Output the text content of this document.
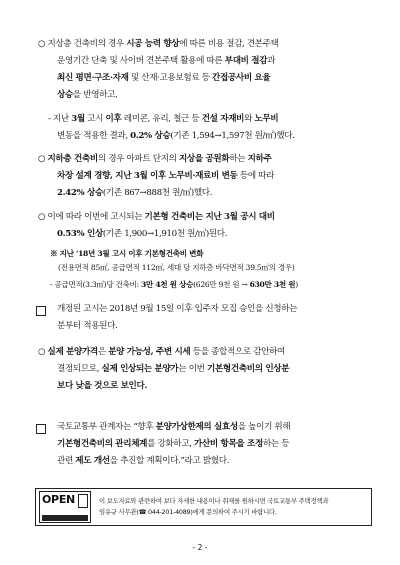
○ 지상층 건축비의 경우 시공 능력 향상에 따른 비용 절감, 견본주택
운영기간 단축 및 사이버 견본주택 활용에 따른 부대비 절감과
최신 평면·구조·자재 및 산재·고용보험료 등 간접공사비 요율
상승을 반영하고,
- 지난 3월 고시 이후 레미콘, 유리, 철근 등 건설 자재비와 노무비
변동을 적용한 결과, 0.2% 상승(기존 1,594→1,597천 원/㎡)했다.
○ 지하층 건축비의 경우 아파트 단지의 지상을 공원화하는 지하주
차장 설계 경향, 지난 3월 이후 노무비·재료비 변동 등에 따라
2.42% 상승(기존 867→888천 원/㎡)했다.
○ 이에 따라 이번에 고시되는 기본형 건축비는 지난 3월 공시 대비
0.53% 인상(기존 1,900→1,910천 원/㎡)된다.
※ 지난 '18년 3월 고시 이후 기본형건축비 변화
(전용면적 85㎡, 공급면적 112㎡, 세대 당 지하층 바닥면적 39.5㎡의 경우)
- 공급면적(3.3㎡)당 건축비: 3만 4천 원 상승(626만 9천 원 → 630만 3천 원)
개정된 고시는 2018년 9월 15일 이후 입주자 모집 승인을 신청하는
분부터 적용된다.
○ 실제 분양가격은 분양 가능성, 주변 시세 등을 종합적으로 감안하여
결정되므로, 실제 인상되는 분양가는 이번 기본형건축비의 인상분
보다 낮을 것으로 보인다.
국토교통부 관계자는 “향후 분양가상한제의 실효성을 높이기 위해
기본형건축비의 관리체계를 강화하고, 가산비 항목을 조정하는 등
관련 제도 개선을 추진할 계획이다.”라고 밝혔다.
OPEN	이 보도자료와 관련하여 보다 자세한 내용이나 취재를 원하시면 국토교통부 주택정책과
임유규 사무관(☎ 044-201-4089)에게 문의하여 주시기 바랍니다.
- 2 -
